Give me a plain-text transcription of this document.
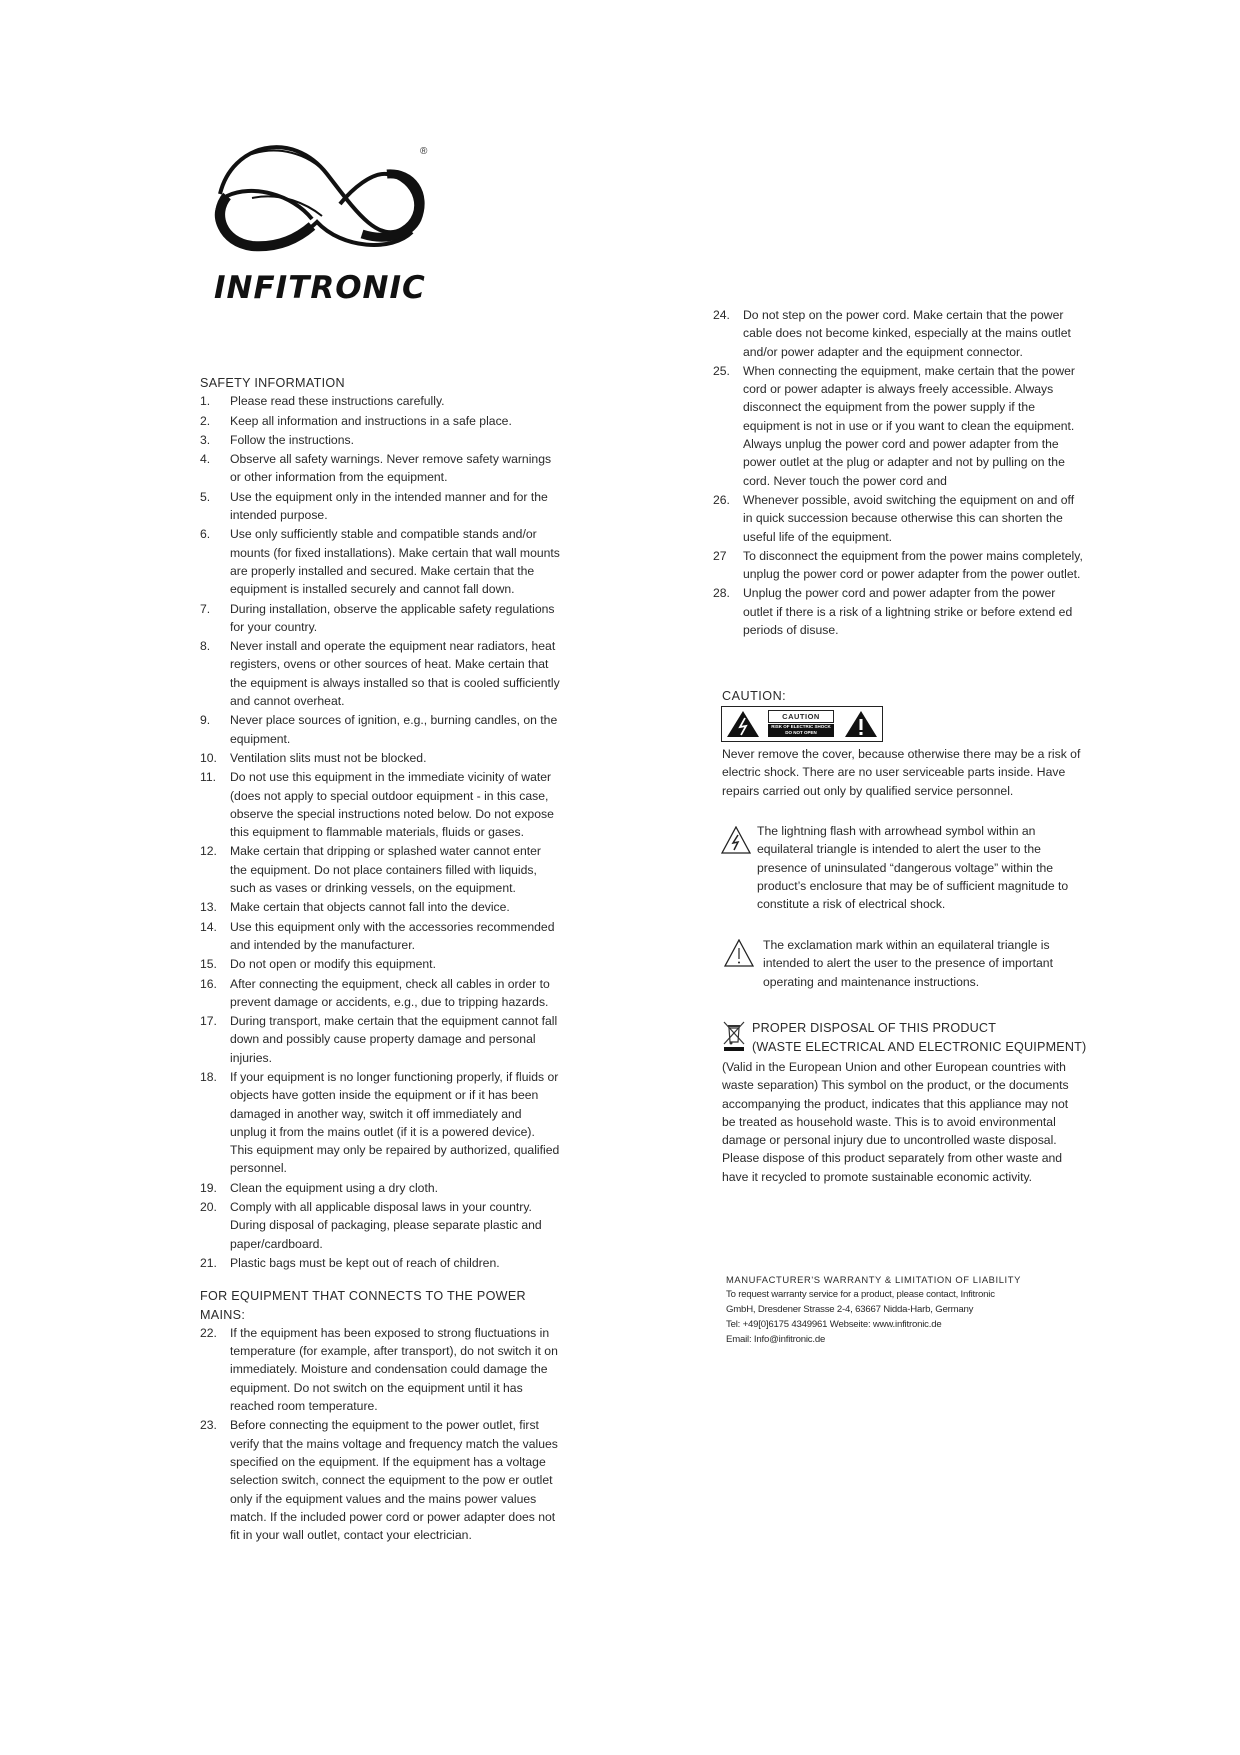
®
INFITRONIC
SAFETY INFORMATION
1.	Please read these instructions carefully.
2.	Keep all information and instructions in a safe place.
3.	Follow the instructions.
4.	Observe all safety warnings. Never remove safety warnings or other information from the equipment.
5.	Use the equipment only in the intended manner and for the intended purpose.
6.	Use only sufficiently stable and compatible stands and/or mounts (for fixed installations). Make certain that wall mounts are properly installed and secured. Make certain that the equipment is installed securely and cannot fall down.
7.	During installation, observe the applicable safety regulations for your country.
8.	Never install and operate the equipment near radiators, heat registers, ovens or other sources of heat. Make certain that the equipment is always installed so that is cooled sufficiently and cannot overheat.
9.	Never place sources of ignition, e.g., burning candles, on the equipment.
10.	Ventilation slits must not be blocked.
11.	Do not use this equipment in the immediate vicinity of water (does not apply to special outdoor equipment - in this case, observe the special instructions noted below. Do not expose this equipment to flammable materials, fluids or gases.
12.	Make certain that dripping or splashed water cannot enter the equipment. Do not place containers filled with liquids, such as vases or drinking vessels, on the equipment.
13.	Make certain that objects cannot fall into the device.
14.	Use this equipment only with the accessories recommended and intended by the manufacturer.
15.	Do not open or modify this equipment.
16.	After connecting the equipment, check all cables in order to prevent damage or accidents, e.g., due to tripping hazards.
17.	During transport, make certain that the equipment cannot fall down and possibly cause property damage and personal injuries.
18.	If your equipment is no longer functioning properly, if fluids or objects have gotten inside the equipment or if it has been damaged in another way, switch it off immediately and unplug it from the mains outlet (if it is a powered device). This equipment may only be repaired by authorized, qualified personnel.
19.	Clean the equipment using a dry cloth.
20.	Comply with all applicable disposal laws in your country. During disposal of packaging, please separate plastic and paper/cardboard.
21.	Plastic bags must be kept out of reach of children.
FOR EQUIPMENT THAT CONNECTS TO THE POWER MAINS:
22.	If the equipment has been exposed to strong fluctuations in temperature (for example, after transport), do not switch it on immediately. Moisture and condensation could damage the equipment. Do not switch on the equipment until it has reached room temperature.
23.	Before connecting the equipment to the power outlet, first verify that the mains voltage and frequency match the values specified on the equipment. If the equipment has a voltage selection switch, connect the equipment to the pow er outlet only if the equipment values and the mains power values match. If the included power cord or power adapter does not fit in your wall outlet, contact your electrician.
24.	Do not step on the power cord. Make certain that the power cable does not become kinked, especially at the mains outlet and/or power adapter and the equipment connector.
25.	When connecting the equipment, make certain that the power cord or power adapter is always freely accessible. Always disconnect the equipment from the power supply if the equipment is not in use or if you want to clean the equipment. Always unplug the power cord and power adapter from the power outlet at the plug or adapter and not by pulling on the cord. Never touch the power cord and
26.	Whenever possible, avoid switching the equipment on and off in quick succession because otherwise this can shorten the useful life of the equipment.
27	To disconnect the equipment from the power mains completely, unplug the power cord or power adapter from the power outlet.
28.	Unplug the power cord and power adapter from the power outlet if there is a risk of a lightning strike or before extend ed periods of disuse.
CAUTION:
CAUTION
RISK OF ELECTRIC SHOCK
DO NOT OPEN
Never remove the cover, because otherwise there may be a risk of electric shock. There are no user serviceable parts inside. Have repairs carried out only by qualified service personnel.
The lightning flash with arrowhead symbol within an equilateral triangle is intended to alert the user to the presence of uninsulated “dangerous voltage” within the product’s enclosure that may be of sufficient magnitude to constitute a risk of electrical shock.
The exclamation mark within an equilateral triangle is intended to alert the user to the presence of important operating and maintenance instructions.
PROPER DISPOSAL OF THIS PRODUCT
(WASTE ELECTRICAL AND ELECTRONIC EQUIPMENT)
(Valid in the European Union and other European countries with waste separation) This symbol on the product, or the documents accompanying the product, indicates that this appliance may not be treated as household waste. This is to avoid environmental damage or personal injury due to uncontrolled waste disposal. Please dispose of this product separately from other waste and have it recycled to promote sustainable economic activity.
MANUFACTURER'S WARRANTY & LIMITATION OF LIABILITY
To request warranty service for a product, please contact, Infitronic
GmbH, Dresdener Strasse 2-4, 63667 Nidda-Harb, Germany
Tel: +49[0]6175 4349961 Webseite: www.infitronic.de
Email: Info@infitronic.de
